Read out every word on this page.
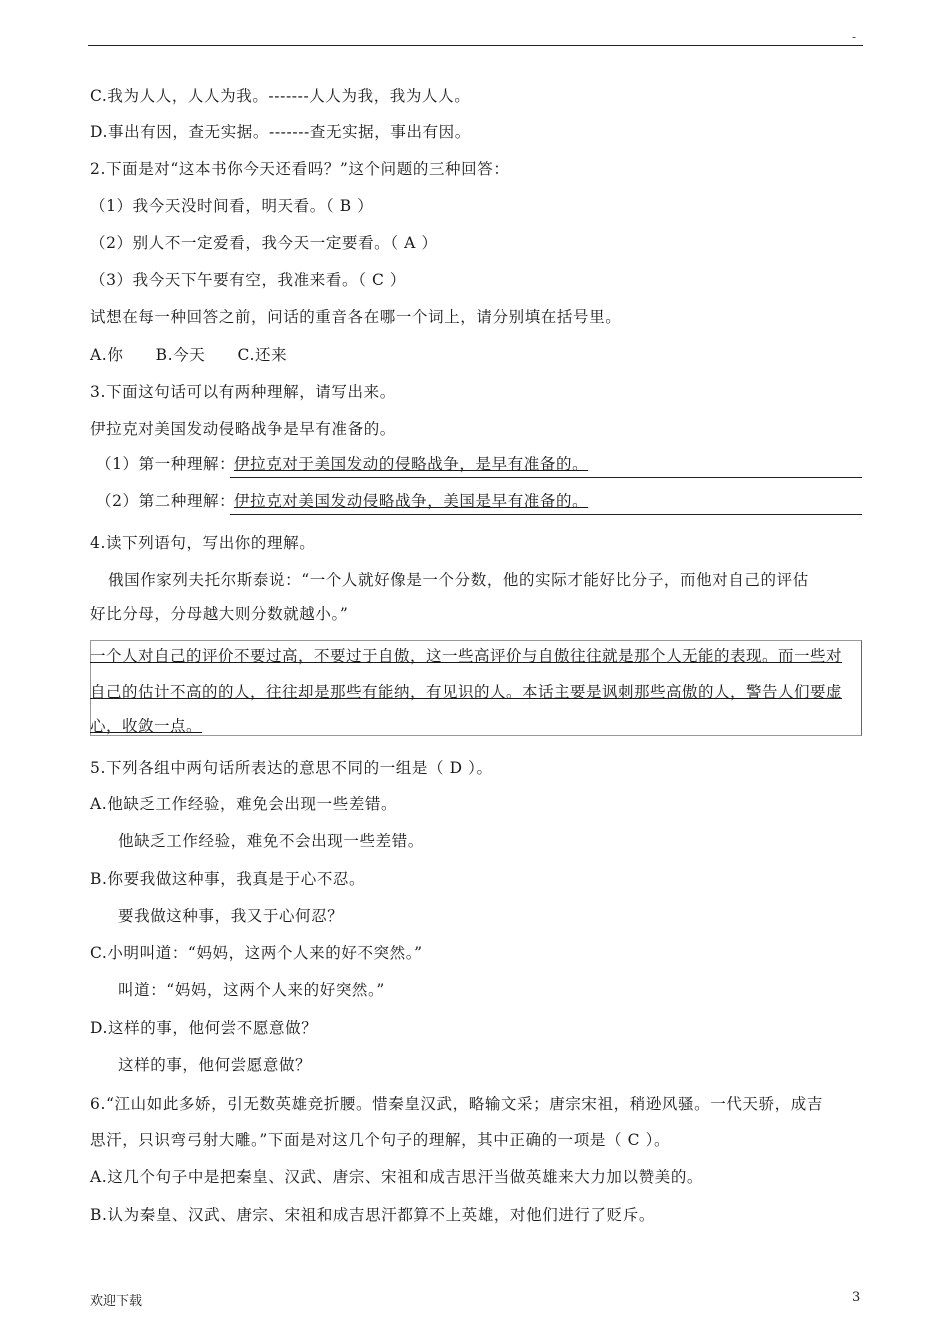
-
C.我为人人，人人为我。-------人人为我，我为人人。
D.事出有因，查无实据。-------查无实据，事出有因。
2.下面是对“这本书你今天还看吗？”这个问题的三种回答：
（1）我今天没时间看，明天看。（ B ）
（2）别人不一定爱看，我今天一定要看。（ A ）
（3）我今天下午要有空，我准来看。（ C ）
试想在每一种回答之前，问话的重音各在哪一个词上，请分别填在括号里。
A.你　　B.今天　　C.还来
3.下面这句话可以有两种理解，请写出来。
伊拉克对美国发动侵略战争是早有准备的。
（1）第一种理解：
伊拉克对于美国发动的侵略战争，是早有准备的。
（2）第二种理解：
伊拉克对美国发动侵略战争，美国是早有准备的。
4.读下列语句，写出你的理解。
俄国作家列夫托尔斯泰说：“一个人就好像是一个分数，他的实际才能好比分子，而他对自己的评估
好比分母，分母越大则分数就越小。”
一个人对自己的评价不要过高，不要过于自傲，这一些高评价与自傲往往就是那个人无能的表现。而一些对
自己的估计不高的的人，往往却是那些有能纳，有见识的人。本话主要是讽刺那些高傲的人，警告人们要虚
心，收敛一点。
5.下列各组中两句话所表达的意思不同的一组是（ D ）。
A.他缺乏工作经验，难免会出现一些差错。
他缺乏工作经验，难免不会出现一些差错。
B.你要我做这种事，我真是于心不忍。
要我做这种事，我又于心何忍？
C.小明叫道：“妈妈，这两个人来的好不突然。”
叫道：“妈妈，这两个人来的好突然。”
D.这样的事，他何尝不愿意做？
这样的事，他何尝愿意做？
6.“江山如此多娇，引无数英雄竞折腰。惜秦皇汉武，略输文采；唐宗宋祖，稍逊风骚。一代天骄，成吉
思汗，只识弯弓射大雕。”下面是对这几个句子的理解，其中正确的一项是（ C ）。
A.这几个句子中是把秦皇、汉武、唐宗、宋祖和成吉思汗当做英雄来大力加以赞美的。
B.认为秦皇、汉武、唐宗、宋祖和成吉思汗都算不上英雄，对他们进行了贬斥。
欢迎下载	3
